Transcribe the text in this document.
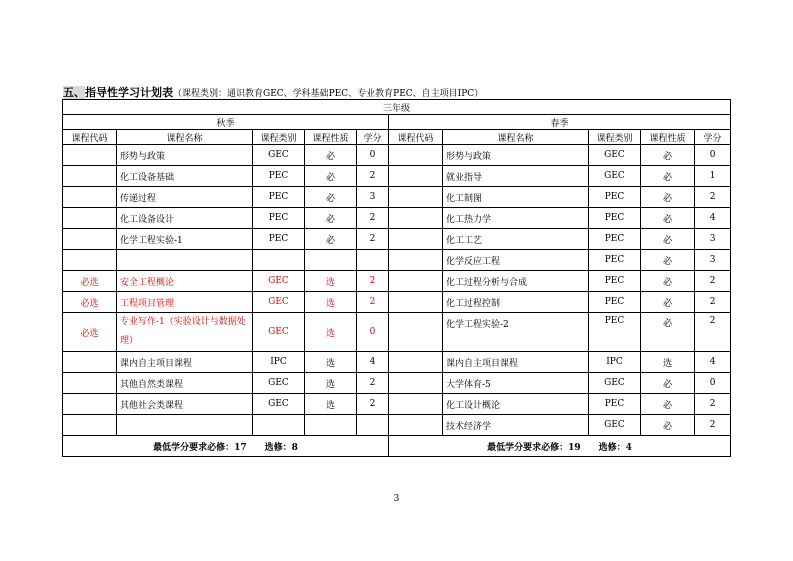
五、指导性学习计划表（课程类别：通识教育GEC、学科基础PEC、专业教育PEC、自主项目IPC）
三年级									
秋季					春季				
课程代码	课程名称	课程类别	课程性质	学分	课程代码	课程名称	课程类别	课程性质	学分
	形势与政策	GEC	必	0		形势与政策	GEC	必	0
	化工设备基础	PEC	必	2		就业指导	GEC	必	1
	传递过程	PEC	必	3		化工制图	PEC	必	2
	化工设备设计	PEC	必	2		化工热力学	PEC	必	4
	化学工程实验-1	PEC	必	2		化工工艺	PEC	必	3
						化学反应工程	PEC	必	3
必选	安全工程概论	GEC	选	2		化工过程分析与合成	PEC	必	2
必选	工程项目管理	GEC	选	2		化工过程控制	PEC	必	2
必选	专业写作-1（实验设计与数据处理）	GEC	选	0		化学工程实验-2	PEC	必	2
	课内自主项目课程	IPC	选	4		课内自主项目课程	IPC	选	4
	其他自然类课程	GEC	选	2		大学体育-5	GEC	必	0
	其他社会类课程	GEC	选	2		化工设计概论	PEC	必	2
						技术经济学	GEC	必	2
最低学分要求必修：17　　选修：8					最低学分要求必修：19　　选修：4				
3
